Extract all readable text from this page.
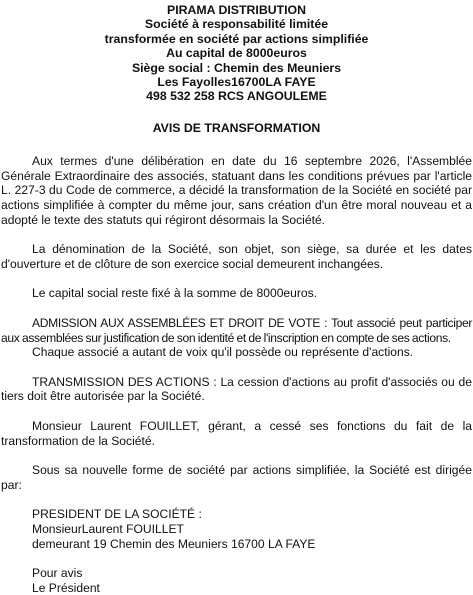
PIRAMA DISTRIBUTION
Société à responsabilité limitée
transformée en société par actions simplifiée
Au capital de 8000euros
Siège social : Chemin des Meuniers
Les Fayolles16700LA FAYE
498 532 258 RCS ANGOULEME
AVIS DE TRANSFORMATION
Aux termes d'une délibération en date du 16 septembre 2026, l'Assemblée Générale Extraordinaire des associés, statuant dans les conditions prévues par l'article L. 227-3 du Code de commerce, a décidé la transformation de la Société en société par actions simplifiée à compter du même jour, sans création d'un être moral nouveau et a adopté le texte des statuts qui régiront désormais la Société.
La dénomination de la Société, son objet, son siège, sa durée et les dates d'ouverture et de clôture de son exercice social demeurent inchangées.
Le capital social reste fixé à la somme de 8000euros.
ADMISSION AUX ASSEMBLÉES ET DROIT DE VOTE : Tout associé peut participer aux assemblées sur justification de son identité et de l'inscription en compte de ses actions.
Chaque associé a autant de voix qu'il possède ou représente d'actions.
TRANSMISSION DES ACTIONS : La cession d'actions au profit d'associés ou de tiers doit être autorisée par la Société.
Monsieur Laurent FOUILLET, gérant, a cessé ses fonctions du fait de la transformation de la Société.
Sous sa nouvelle forme de société par actions simplifiée, la Société est dirigée par:
PRESIDENT DE LA SOCIÉTÉ :
MonsieurLaurent FOUILLET
demeurant 19 Chemin des Meuniers 16700 LA FAYE
Pour avis
Le Président
